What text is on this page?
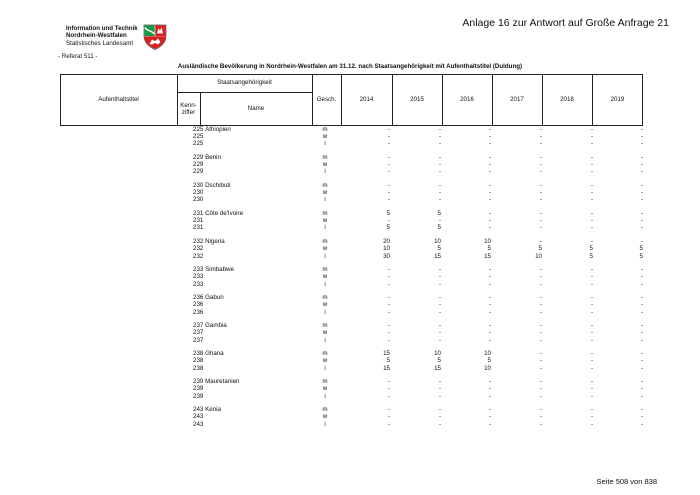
Information und Technik
Nordrhein-Westfalen
Statistisches Landesamt
Anlage 16 zur Antwort auf Große Anfrage 21
- Referat 511 -
Ausländische Bevölkerung in Nordrhein-Westfalen am 31.12. nach Staatsangehörigkeit mit Aufenthaltstitel (Duldung)
Aufenthaltstitel
Staatsangehörigkeit
Kenn-
ziffer
Name
Gesch.	2014	2015	2016	2017	2018	2019
225 Äthiopien	m	-	-	-	-	-	-
225	w	-	-	-	-	-	-
225	i	-	-	-	-	-	-
229 Benin	m	-	-	-	-	-	-
229	w	-	-	-	-	-	-
229	i	-	-	-	-	-	-
230 Dschibuti	m	-	-	-	-	-	-
230	w	-	-	-	-	-	-
230	i	-	-	-	-	-	-
231 Côte de'Ivoire	m	5	5	-	-	-	-
231	w	-	-	-	-	-	-
231	i	5	5	-	-	-	-
232 Nigeria	m	20	10	10	-	-	-
232	w	10	5	5	5	5	5
232	i	30	15	15	10	5	5
233 Simbabwe	m	-	-	-	-	-	-
233	w	-	-	-	-	-	-
233	i	-	-	-	-	-	-
236 Gabun	m	-	-	-	-	-	-
236	w	-	-	-	-	-	-
236	i	-	-	-	-	-	-
237 Gambia	m	-	-	-	-	-	-
237	w	-	-	-	-	-	-
237	i	-	-	-	-	-	-
238 Ghana	m	15	10	10	-	-	-
238	w	5	5	5	-	-	-
238	i	15	15	10	-	-	-
239 Mauretanien	m	-	-	-	-	-	-
239	w	-	-	-	-	-	-
239	i	-	-	-	-	-	-
243 Kenia	m	-	-	-	-	-	-
243	w	-	-	-	-	-	-
243	i	-	-	-	-	-	-
Seite 508 von 838
